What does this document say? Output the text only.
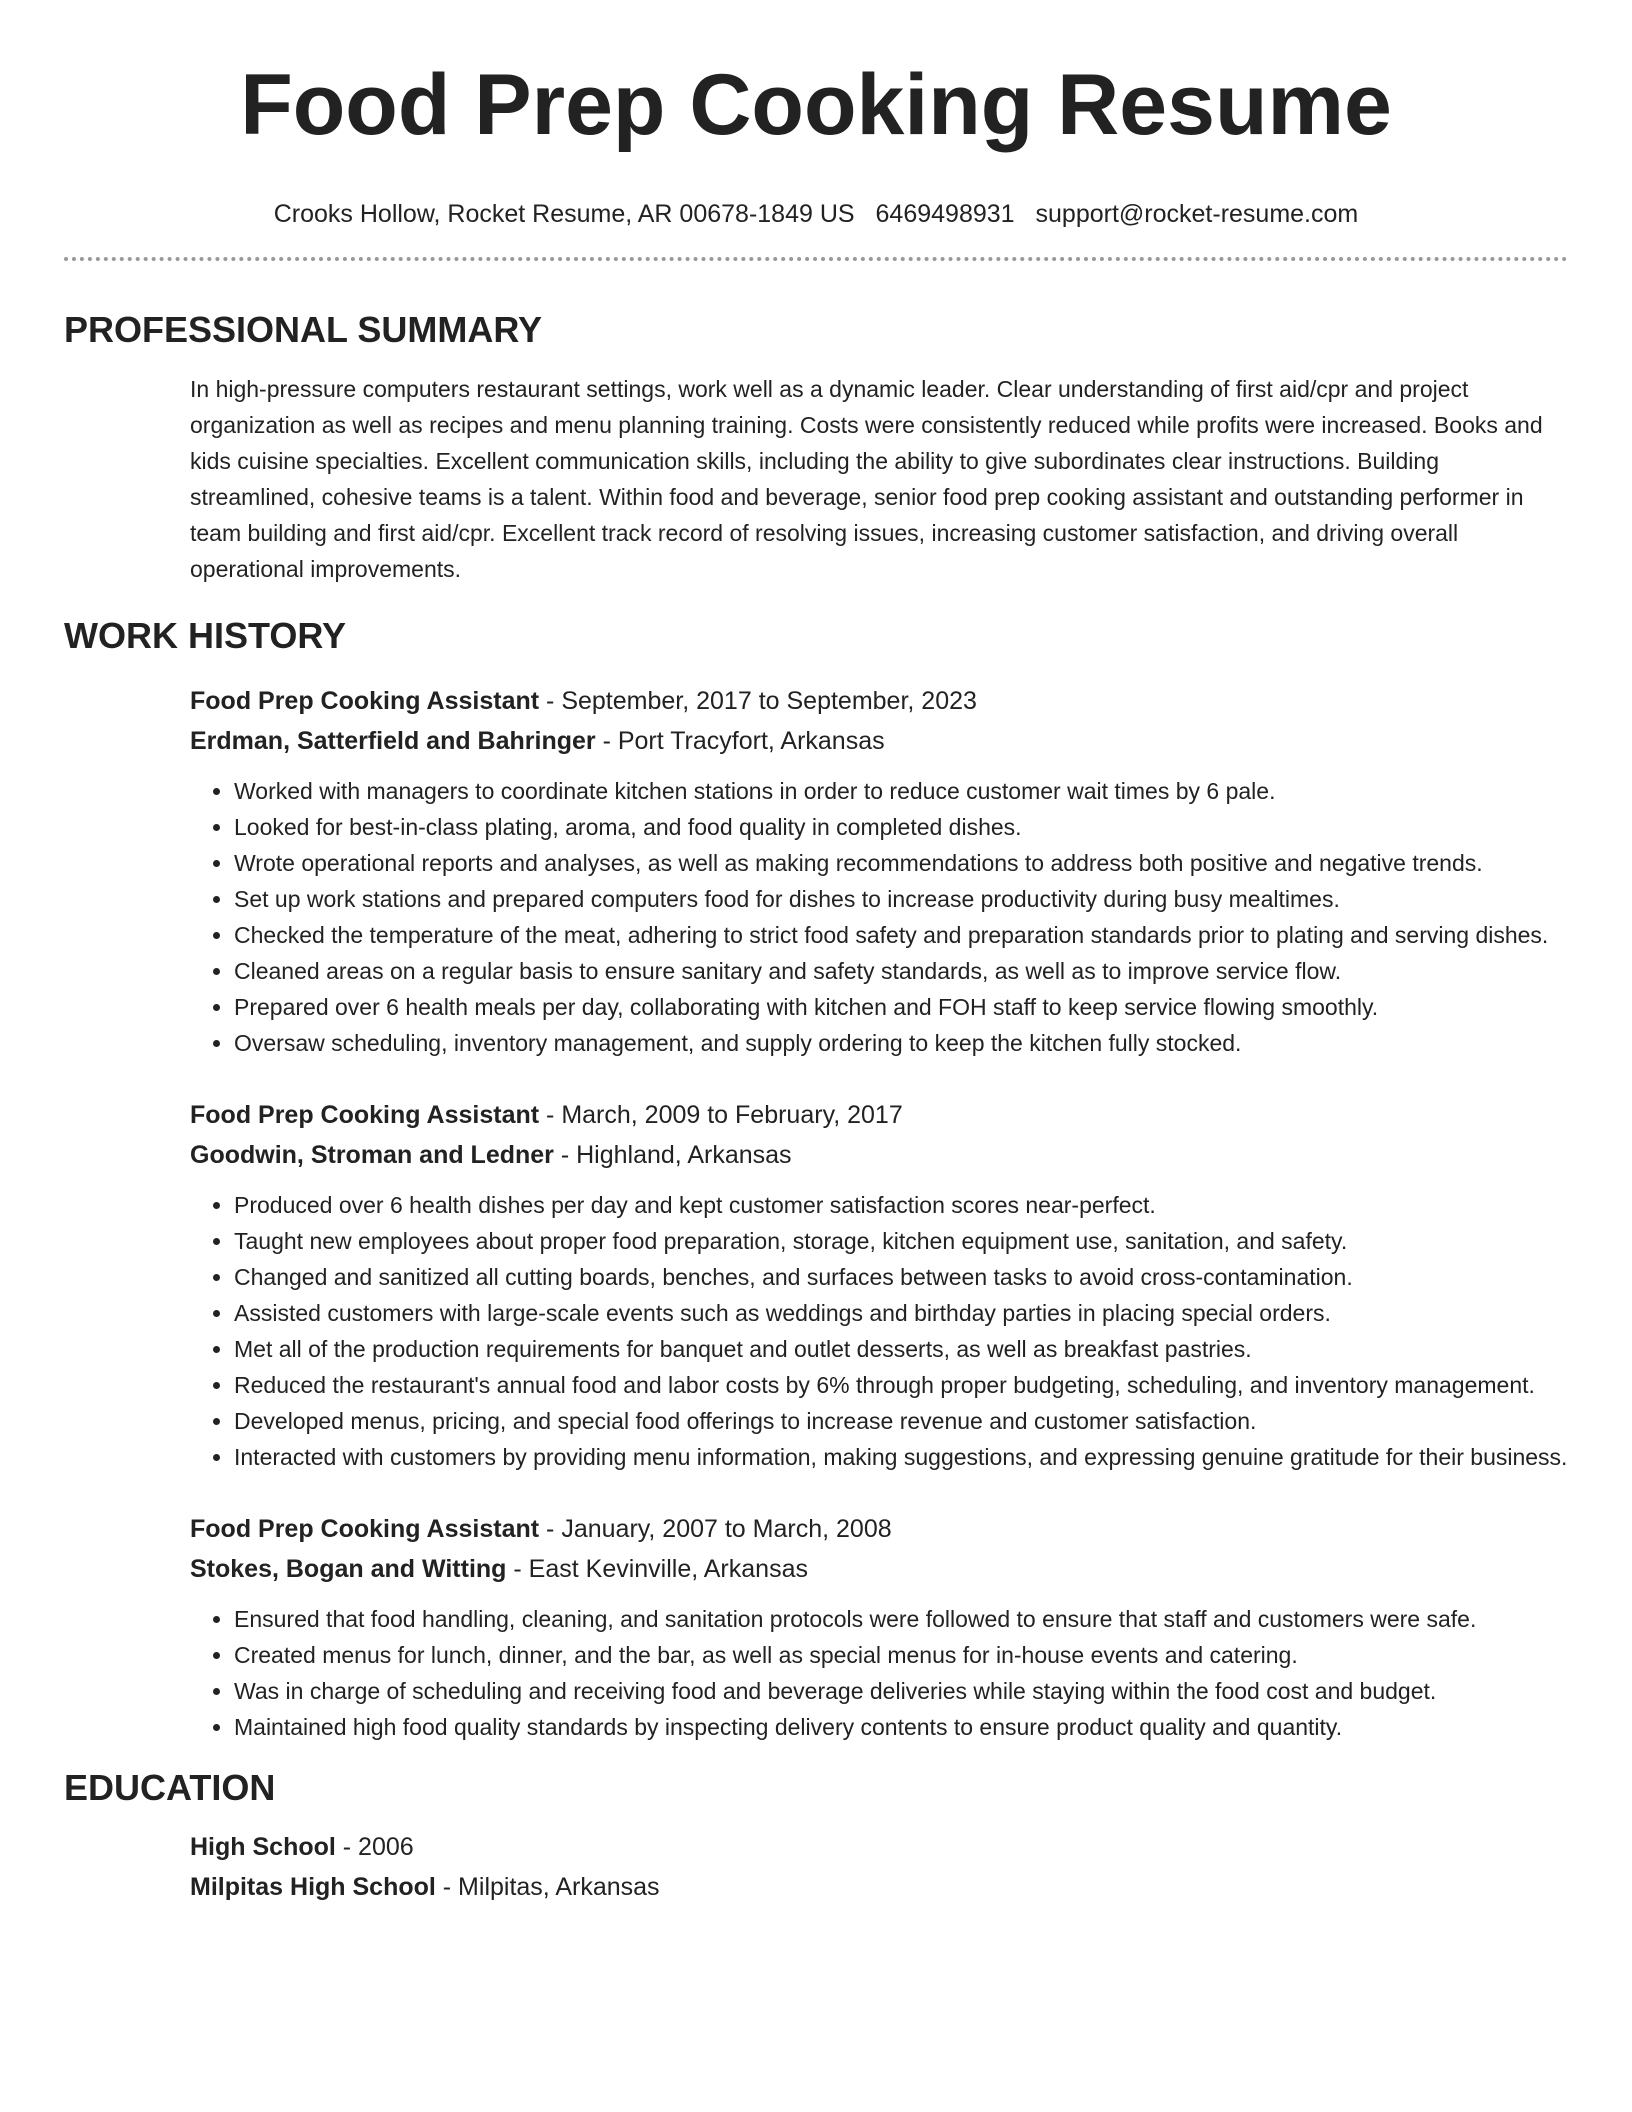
Food Prep Cooking Resume
Crooks Hollow, Rocket Resume, AR 00678-1849 US 6469498931 support@rocket-resume.com
PROFESSIONAL SUMMARY
In high-pressure computers restaurant settings, work well as a dynamic leader. Clear understanding of first aid/cpr and project organization as well as recipes and menu planning training. Costs were consistently reduced while profits were increased. Books and kids cuisine specialties. Excellent communication skills, including the ability to give subordinates clear instructions. Building streamlined, cohesive teams is a talent. Within food and beverage, senior food prep cooking assistant and outstanding performer in team building and first aid/cpr. Excellent track record of resolving issues, increasing customer satisfaction, and driving overall operational improvements.
WORK HISTORY
Food Prep Cooking Assistant - September, 2017 to September, 2023
Erdman, Satterfield and Bahringer - Port Tracyfort, Arkansas
• Worked with managers to coordinate kitchen stations in order to reduce customer wait times by 6 pale.
• Looked for best-in-class plating, aroma, and food quality in completed dishes.
• Wrote operational reports and analyses, as well as making recommendations to address both positive and negative trends.
• Set up work stations and prepared computers food for dishes to increase productivity during busy mealtimes.
• Checked the temperature of the meat, adhering to strict food safety and preparation standards prior to plating and serving dishes.
• Cleaned areas on a regular basis to ensure sanitary and safety standards, as well as to improve service flow.
• Prepared over 6 health meals per day, collaborating with kitchen and FOH staff to keep service flowing smoothly.
• Oversaw scheduling, inventory management, and supply ordering to keep the kitchen fully stocked.
Food Prep Cooking Assistant - March, 2009 to February, 2017
Goodwin, Stroman and Ledner - Highland, Arkansas
• Produced over 6 health dishes per day and kept customer satisfaction scores near-perfect.
• Taught new employees about proper food preparation, storage, kitchen equipment use, sanitation, and safety.
• Changed and sanitized all cutting boards, benches, and surfaces between tasks to avoid cross-contamination.
• Assisted customers with large-scale events such as weddings and birthday parties in placing special orders.
• Met all of the production requirements for banquet and outlet desserts, as well as breakfast pastries.
• Reduced the restaurant's annual food and labor costs by 6% through proper budgeting, scheduling, and inventory management.
• Developed menus, pricing, and special food offerings to increase revenue and customer satisfaction.
• Interacted with customers by providing menu information, making suggestions, and expressing genuine gratitude for their business.
Food Prep Cooking Assistant - January, 2007 to March, 2008
Stokes, Bogan and Witting - East Kevinville, Arkansas
• Ensured that food handling, cleaning, and sanitation protocols were followed to ensure that staff and customers were safe.
• Created menus for lunch, dinner, and the bar, as well as special menus for in-house events and catering.
• Was in charge of scheduling and receiving food and beverage deliveries while staying within the food cost and budget.
• Maintained high food quality standards by inspecting delivery contents to ensure product quality and quantity.
EDUCATION
High School - 2006
Milpitas High School - Milpitas, Arkansas
